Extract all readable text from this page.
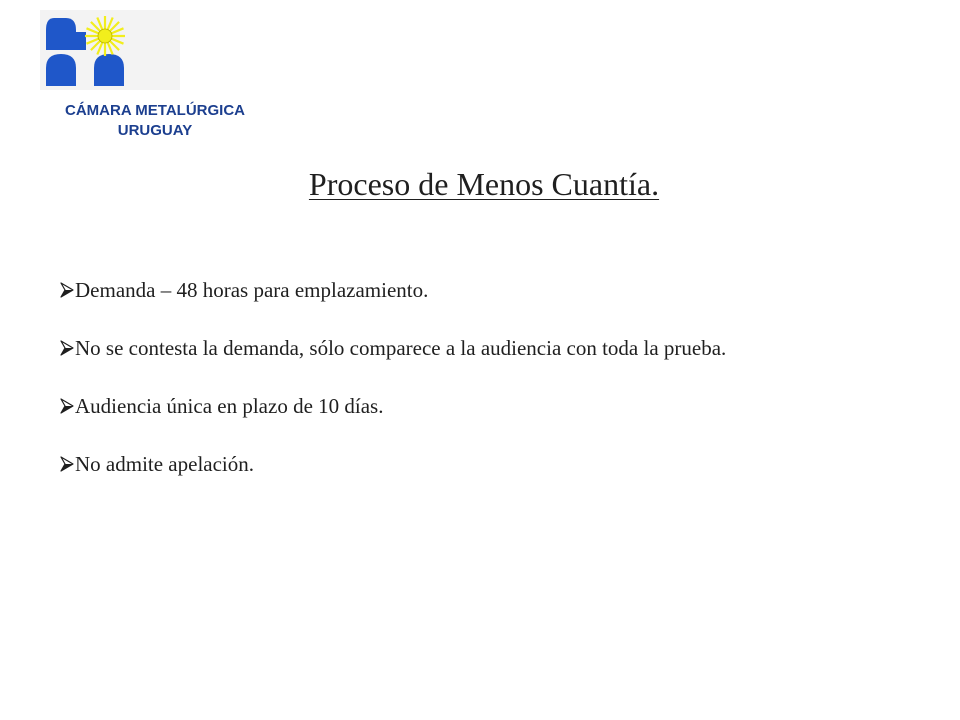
CÁMARA METALÚRGICA
URUGUAY
Proceso de Menos Cuantía.
Demanda – 48 horas para emplazamiento.
No se contesta la demanda, sólo comparece a la audiencia con toda la prueba.
Audiencia única en plazo de 10 días.
No admite apelación.
